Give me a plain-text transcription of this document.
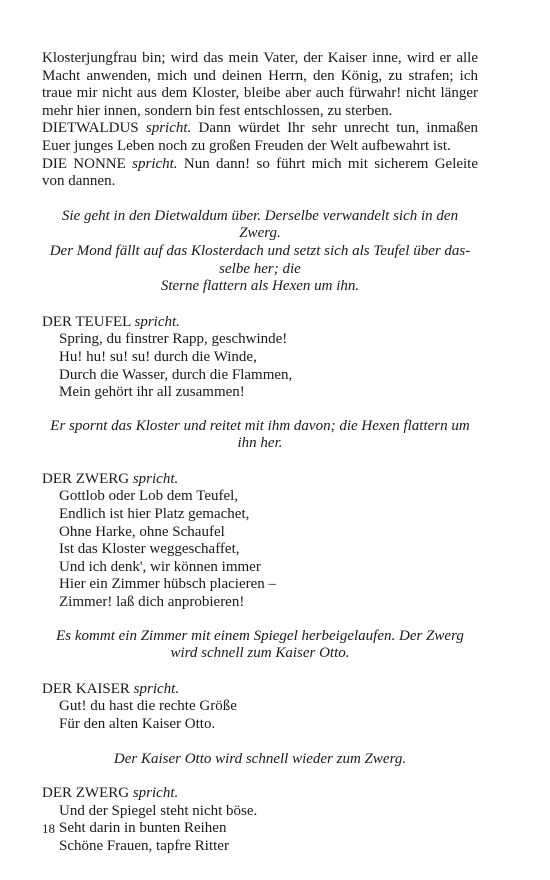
Klosterjungfrau bin; wird das mein Vater, der Kaiser inne, wird er alle Macht anwenden, mich und deinen Herrn, den König, zu strafen; ich traue mir nicht aus dem Kloster, bleibe aber auch fürwahr! nicht länger mehr hier innen, sondern bin fest entschlossen, zu sterben.

DIETWALDUS spricht. Dann würdet Ihr sehr unrecht tun, inmaßen Euer junges Leben noch zu großen Freuden der Welt aufbewahrt ist.

DIE NONNE spricht. Nun dann! so führt mich mit sicherem Geleite von dannen.

Sie geht in den Dietwaldum über. Derselbe verwandelt sich in den Zwerg.
Der Mond fällt auf das Klosterdach und setzt sich als Teufel über das-
selbe her; die
Sterne flattern als Hexen um ihn.
DER TEUFEL spricht.
Spring, du finstrer Rapp, geschwinde!
Hu! hu! su! su! durch die Winde,
Durch die Wasser, durch die Flammen,
Mein gehört ihr all zusammen!
Er spornt das Kloster und reitet mit ihm davon; die Hexen flattern um
ihn her.
DER ZWERG spricht.
Gottlob oder Lob dem Teufel,
Endlich ist hier Platz gemachet,
Ohne Harke, ohne Schaufel
Ist das Kloster weggeschaffet,
Und ich denk', wir können immer
Hier ein Zimmer hübsch placieren –
Zimmer! laß dich anprobieren!
Es kommt ein Zimmer mit einem Spiegel herbeigelaufen. Der Zwerg
wird schnell zum Kaiser Otto.
DER KAISER spricht.
Gut! du hast die rechte Größe
Für den alten Kaiser Otto.
Der Kaiser Otto wird schnell wieder zum Zwerg.
DER ZWERG spricht.
Und der Spiegel steht nicht böse.
Seht darin in bunten Reihen
Schöne Frauen, tapfre Ritter
18
